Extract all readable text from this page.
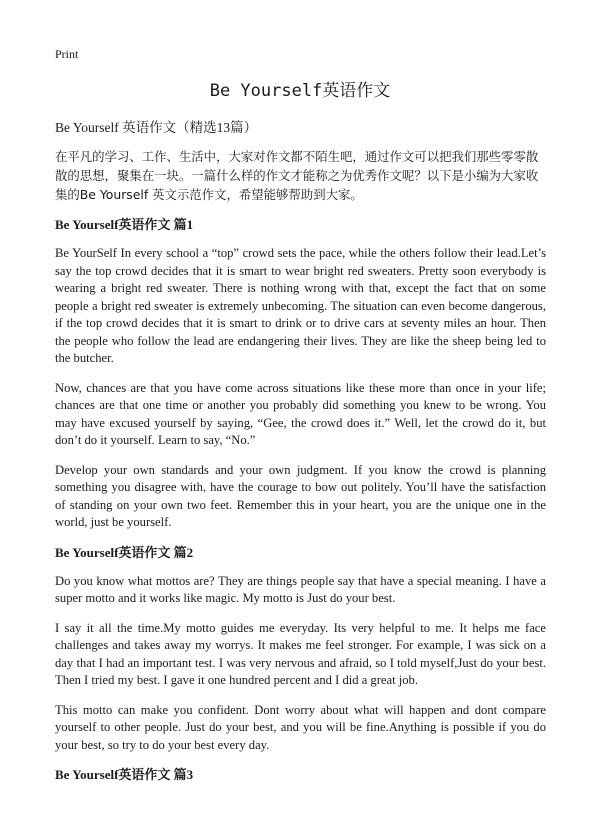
Print
Be Yourself英语作文

Be Yourself 英语作文（精选13篇）

在平凡的学习、工作、生活中，大家对作文都不陌生吧，通过作文可以把我们那些零零散散的思想，聚集在一块。一篇什么样的作文才能称之为优秀作文呢？以下是小编为大家收集的Be Yourself 英文示范作文，希望能够帮助到大家。

Be Yourself英语作文 篇1

Be YourSelf In every school a “top” crowd sets the pace, while the others follow their lead.Let’s say the top crowd decides that it is smart to wear bright red sweaters. Pretty soon everybody is wearing a bright red sweater. There is nothing wrong with that, except the fact that on some people a bright red sweater is extremely unbecoming. The situation can even become dangerous, if the top crowd decides that it is smart to drink or to drive cars at seventy miles an hour. Then the people who follow the lead are endangering their lives. They are like the sheep being led to the butcher.

Now, chances are that you have come across situations like these more than once in your life; chances are that one time or another you probably did something you knew to be wrong. You may have excused yourself by saying, “Gee, the crowd does it.” Well, let the crowd do it, but don’t do it yourself. Learn to say, “No.”

Develop your own standards and your own judgment. If you know the crowd is planning something you disagree with, have the courage to bow out politely. You’ll have the satisfaction of standing on your own two feet. Remember this in your heart, you are the unique one in the world, just be yourself.

Be Yourself英语作文 篇2

Do you know what mottos are? They are things people say that have a special meaning. I have a super motto and it works like magic. My motto is Just do your best.

I say it all the time.My motto guides me everyday. Its very helpful to me. It helps me face challenges and takes away my worrys. It makes me feel stronger. For example, I was sick on a day that I had an important test. I was very nervous and afraid, so I told myself,Just do your best. Then I tried my best. I gave it one hundred percent and I did a great job.

This motto can make you confident. Dont worry about what will happen and dont compare yourself to other people. Just do your best, and you will be fine.Anything is possible if you do your best, so try to do your best every day.

Be Yourself英语作文 篇3
